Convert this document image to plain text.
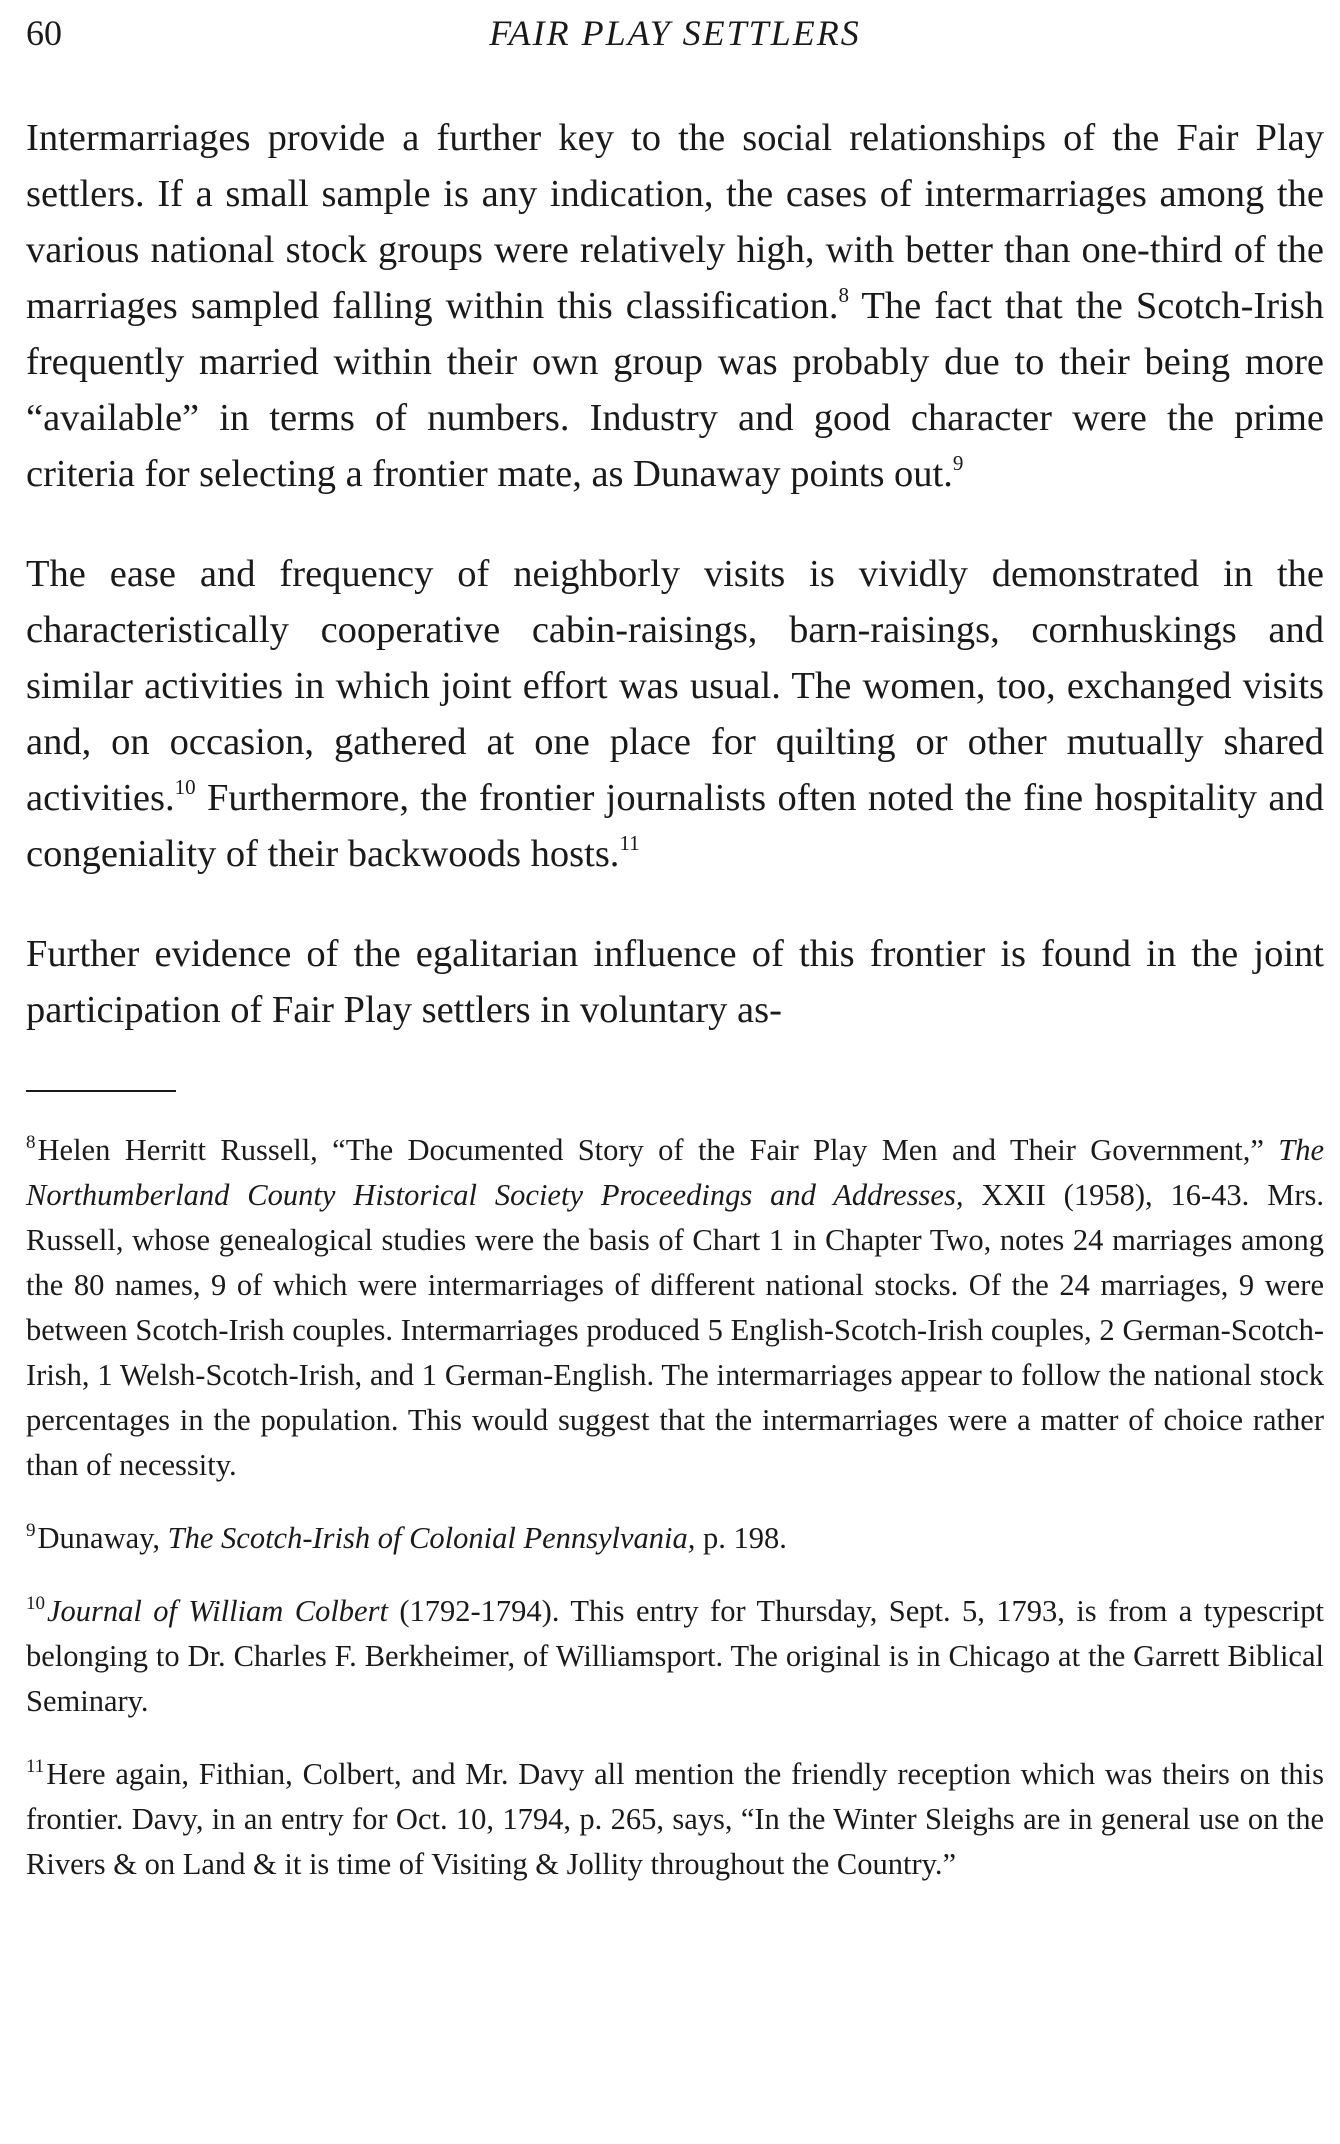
60	FAIR PLAY SETTLERS

Intermarriages provide a further key to the social relationships of the Fair Play settlers. If a small sample is any indication, the cases of intermarriages among the various national stock groups were relatively high, with better than one-third of the marriages sampled falling within this classification.$^8$ The fact that the Scotch-Irish frequently married within their own group was probably due to their being more “available” in terms of numbers. Industry and good character were the prime criteria for selecting a frontier mate, as Dunaway points out.$^9$

The ease and frequency of neighborly visits is vividly demonstrated in the characteristically cooperative cabin-raisings, barn-raisings, cornhuskings and similar activities in which joint effort was usual. The women, too, exchanged visits and, on occasion, gathered at one place for quilting or other mutually shared activities.$^{10}$ Furthermore, the frontier journalists often noted the fine hospitality and congeniality of their backwoods hosts.$^{11}$

Further evidence of the egalitarian influence of this frontier is found in the joint participation of Fair Play settlers in voluntary as-

$^8$Helen Herritt Russell, “The Documented Story of the Fair Play Men and Their Government,” The Northumberland County Historical Society Proceedings and Addresses, XXII (1958), 16-43. Mrs. Russell, whose genealogical studies were the basis of Chart 1 in Chapter Two, notes 24 marriages among the 80 names, 9 of which were intermarriages of different national stocks. Of the 24 marriages, 9 were between Scotch-Irish couples. Intermarriages produced 5 English-Scotch-Irish couples, 2 German-Scotch-Irish, 1 Welsh-Scotch-Irish, and 1 German-English. The intermarriages appear to follow the national stock percentages in the population. This would suggest that the intermarriages were a matter of choice rather than of necessity.

$^9$Dunaway, The Scotch-Irish of Colonial Pennsylvania, p. 198.

$^{10}$Journal of William Colbert (1792-1794). This entry for Thursday, Sept. 5, 1793, is from a typescript belonging to Dr. Charles F. Berkheimer, of Williamsport. The original is in Chicago at the Garrett Biblical Seminary.

$^{11}$Here again, Fithian, Colbert, and Mr. Davy all mention the friendly reception which was theirs on this frontier. Davy, in an entry for Oct. 10, 1794, p. 265, says, “In the Winter Sleighs are in general use on the Rivers & on Land & it is time of Visiting & Jollity throughout the Country.”
